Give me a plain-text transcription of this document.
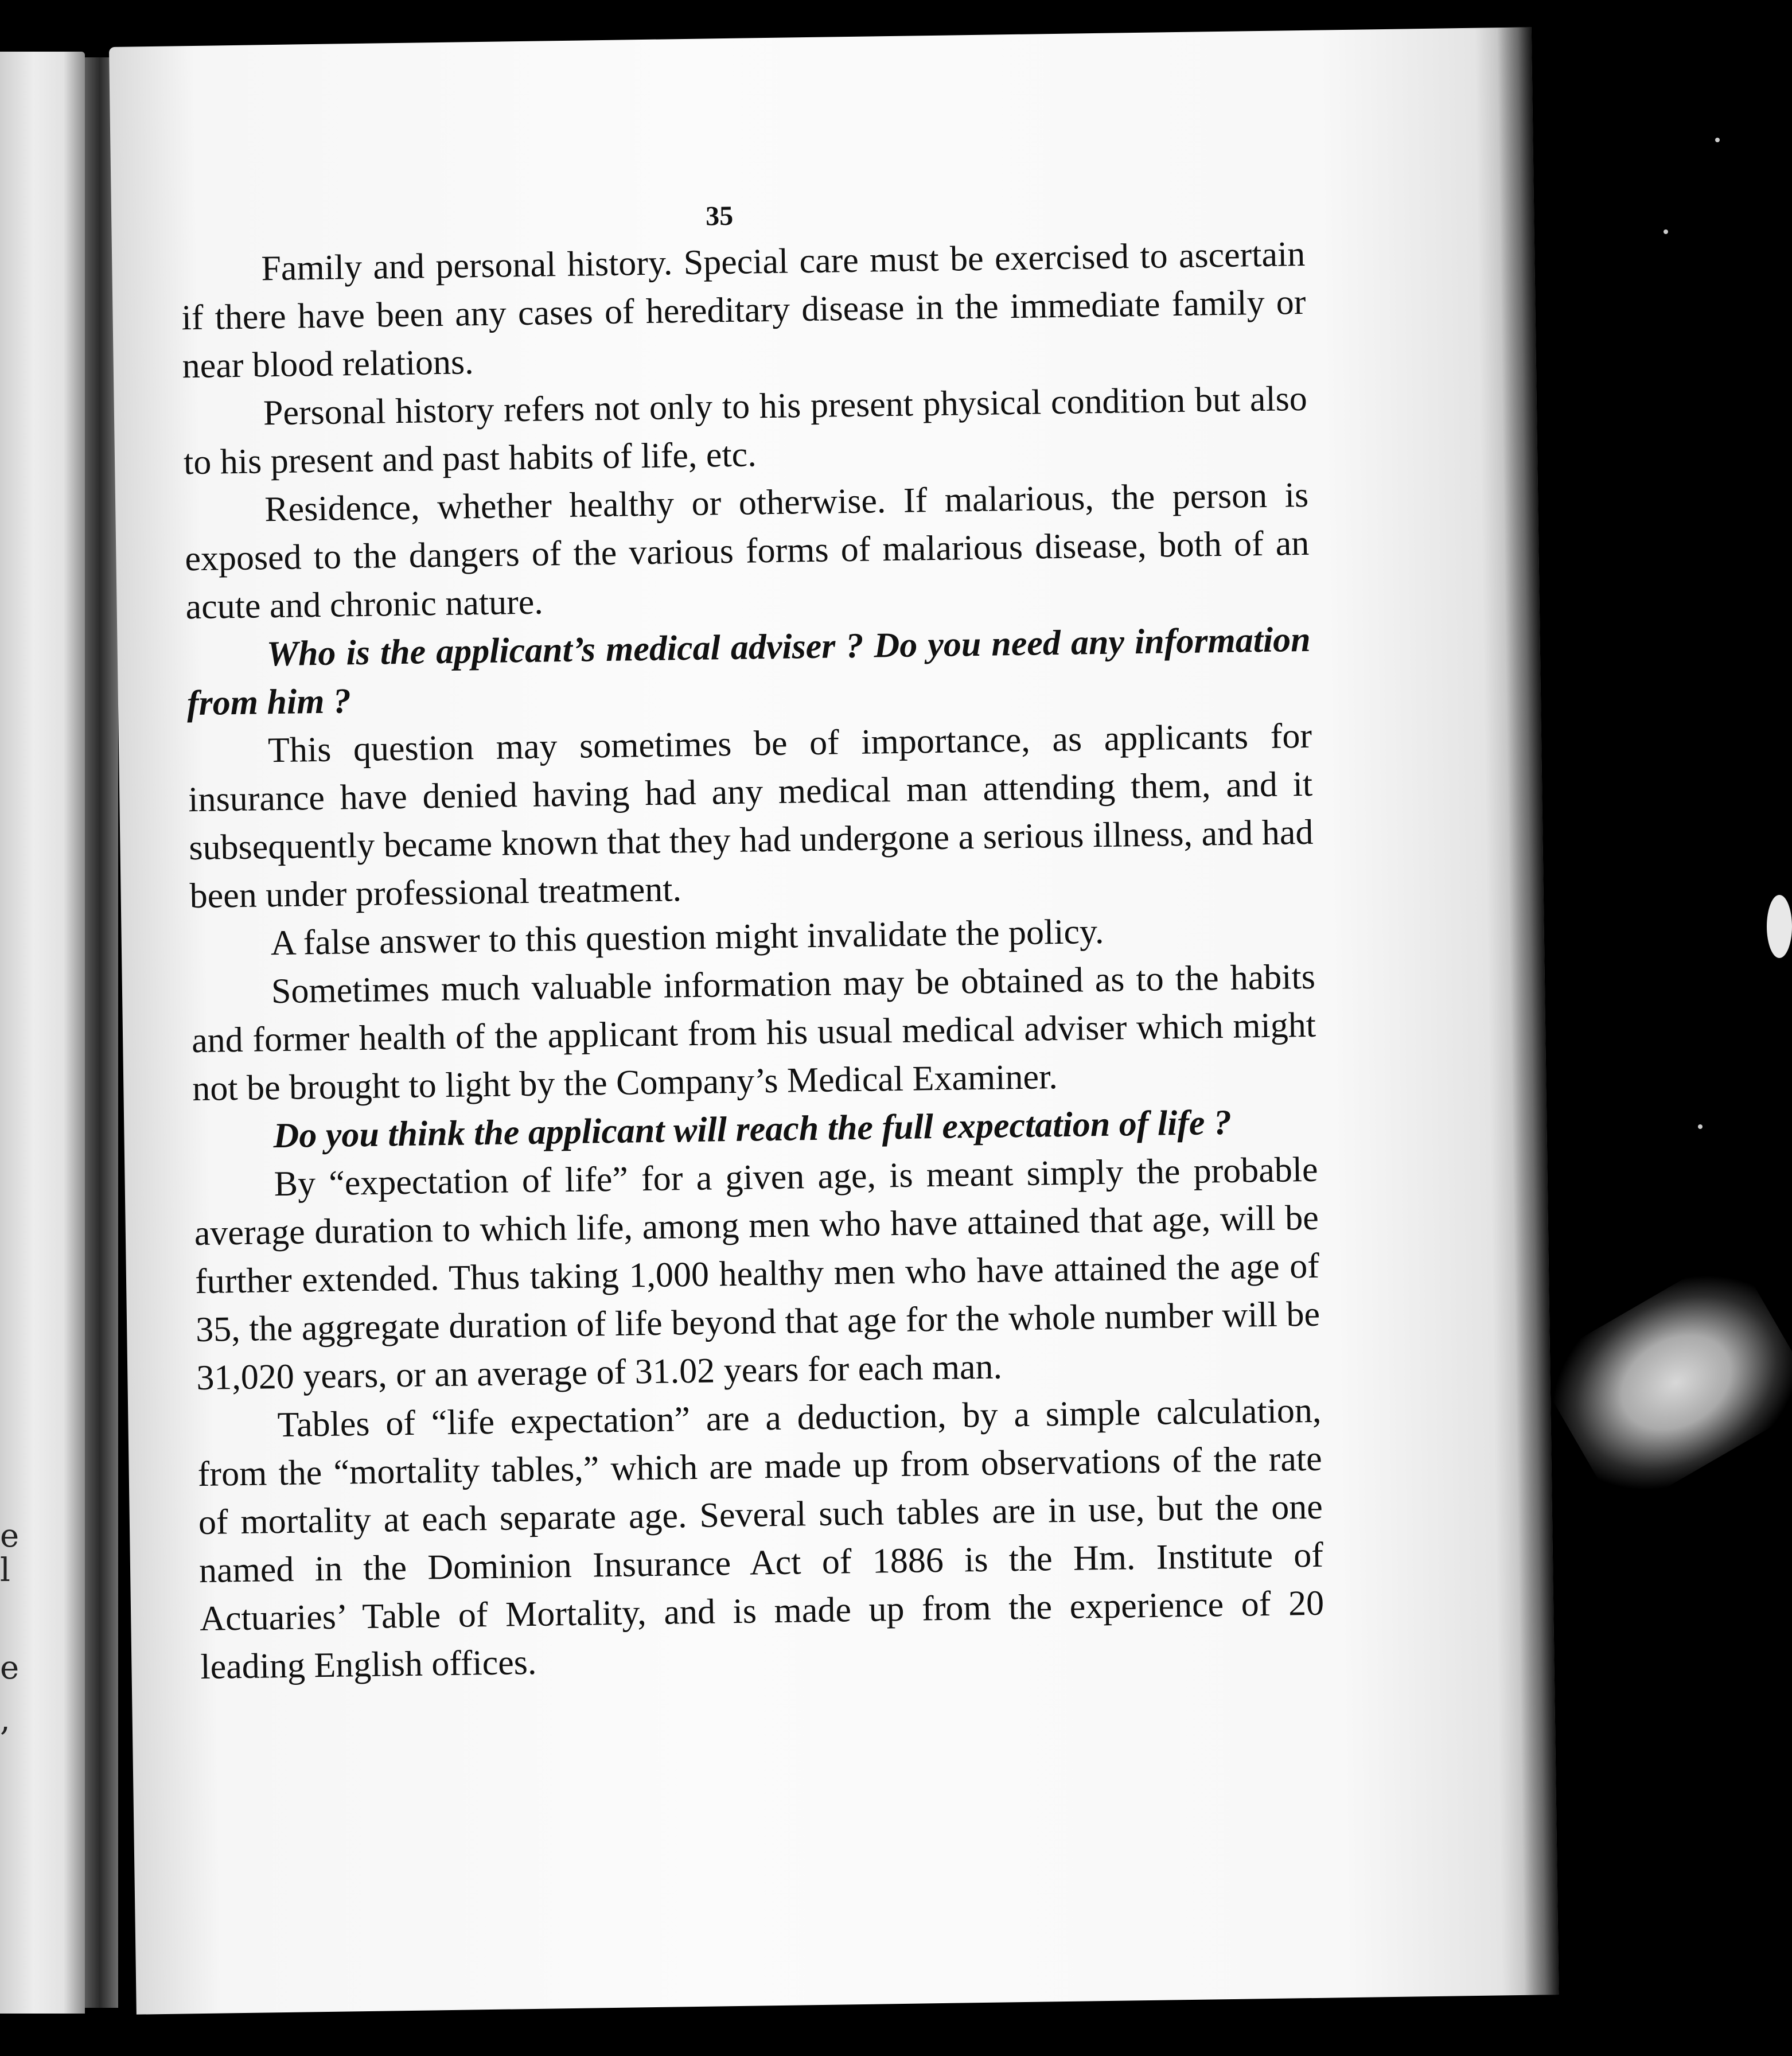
e
l
e
,
35

Family and personal history. Special care must be exercised to ascertain if there have been any cases of hereditary disease in the immediate family or near blood relations.

Personal history refers not only to his present physical condition but also to his present and past habits of life, etc.

Residence, whether healthy or otherwise. If malarious, the person is exposed to the dangers of the various forms of malarious disease, both of an acute and chronic nature.

Who is the applicant’s medical adviser ? Do you need any information from him ?

This question may sometimes be of importance, as applicants for insurance have denied having had any medical man attending them, and it subsequently became known that they had undergone a serious illness, and had been under professional treatment.

A false answer to this question might invalidate the policy.

Sometimes much valuable information may be obtained as to the habits and former health of the applicant from his usual medical adviser which might not be brought to light by the Company’s Medical Examiner.

Do you think the applicant will reach the full expectation of life ?

By “expectation of life” for a given age, is meant simply the probable average duration to which life, among men who have attained that age, will be further extended. Thus taking 1,000 healthy men who have attained the age of 35, the aggregate duration of life beyond that age for the whole number will be 31,020 years, or an average of 31.02 years for each man.

Tables of “life expectation” are a deduction, by a simple calculation, from the “mortality tables,” which are made up from observations of the rate of mortality at each separate age. Several such tables are in use, but the one named in the Dominion Insurance Act of 1886 is the Hm. Institute of Actuaries’ Table of Mortality, and is made up from the experience of 20 leading English offices.
